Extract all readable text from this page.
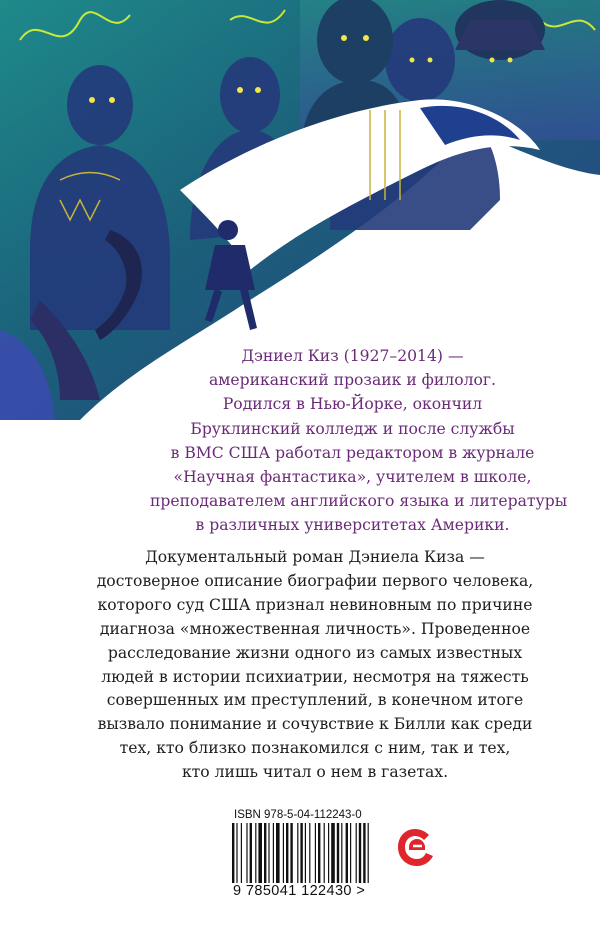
Дэниел Киз (1927–2014) —
американский прозаик и филолог.
Родился в Нью-Йорке, окончил
Бруклинский колледж и после службы
в ВМС США работал редактором в журнале
«Научная фантастика», учителем в школе,
преподавателем английского языка и литературы
в различных университетах Америки.

Документальный роман Дэниела Киза —
достоверное описание биографии первого человека,
которого суд США признал невиновным по причине
диагноза «множественная личность». Проведенное
расследование жизни одного из самых известных
людей в истории психиатрии, несмотря на тяжесть
совершенных им преступлений, в конечном итоге
вызвало понимание и сочувствие к Билли как среди
тех, кто близко познакомился с ним, так и тех,
кто лишь читал о нем в газетах.

ISBN 978-5-04-112243-0
9 785041 122430 >
